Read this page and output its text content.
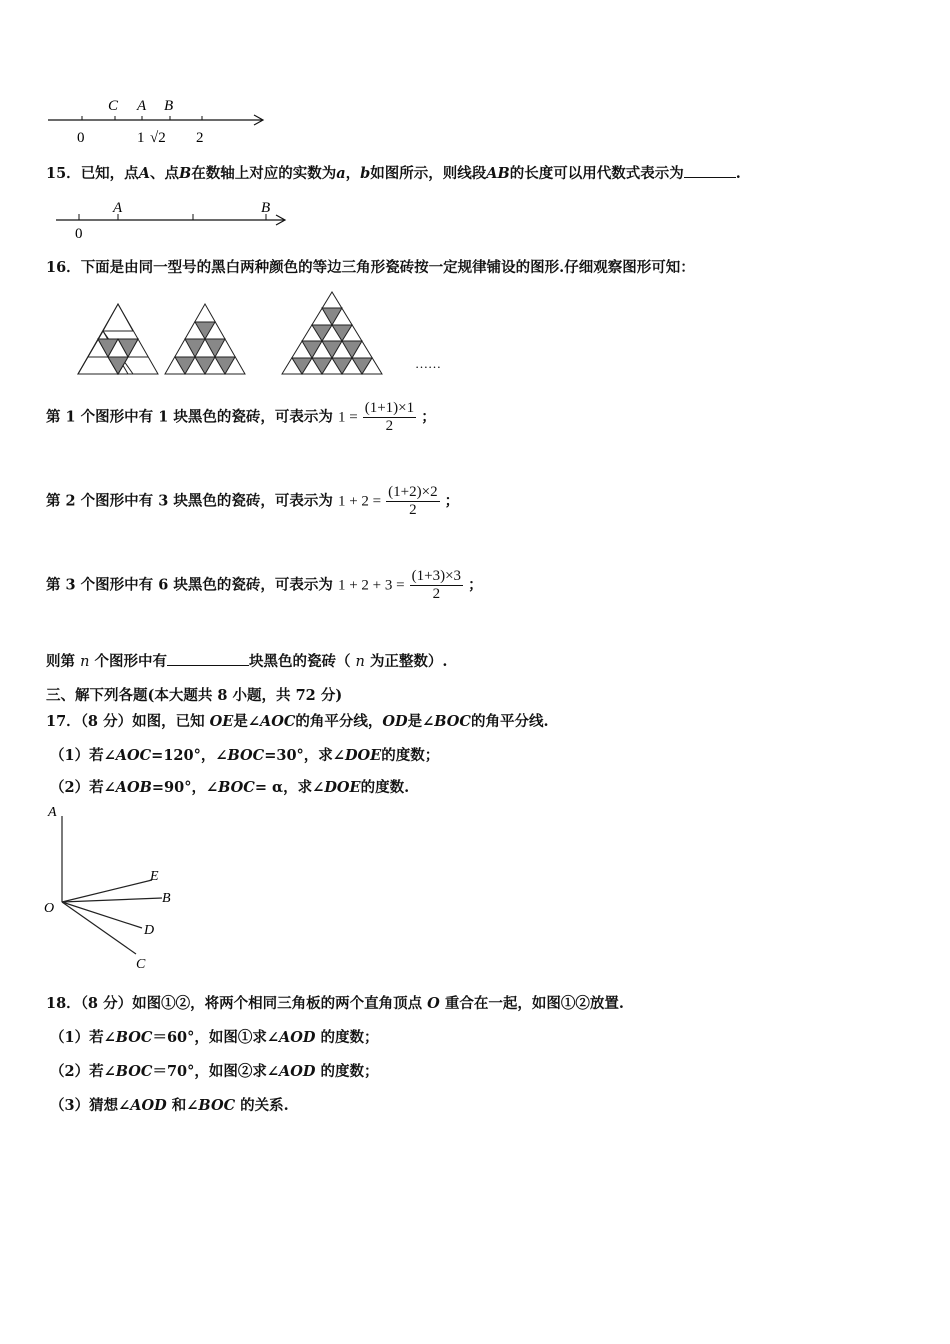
C A B
0	1 √2 2
15．已知，点A、点B在数轴上对应的实数为a，b如图所示，则线段AB的长度可以用代数式表示为	.
A	B
0
16．下面是由同一型号的黑白两种颜色的等边三角形瓷砖按一定规律铺设的图形.仔细观察图形可知：
……
第 1 个图形中有 1 块黑色的瓷砖，可表示为 $1 = \frac{(1+1)\times 1}{2}$ ；
第 2 个图形中有 3 块黑色的瓷砖，可表示为 $1 + 2 = \frac{(1+2)\times 2}{2}$ ；
第 3 个图形中有 6 块黑色的瓷砖，可表示为 $1 + 2 + 3 = \frac{(1+3)\times 3}{2}$ ；
则第 n 个图形中有	块黑色的瓷砖（ n 为正整数）.
三、解下列各题(本大题共 8 小题，共 72 分)
17．（8 分）如图，已知 OE是∠AOC的角平分线，OD是∠BOC的角平分线.
（1）若∠AOC=120°，∠BOC=30°，求∠DOE的度数；
（2）若∠AOB=90°，∠BOC= α，求∠DOE的度数.
A
E
B
O
D
C
18．（8 分）如图①②，将两个相同三角板的两个直角顶点 O 重合在一起，如图①②放置.
（1）若∠BOC＝60°，如图①求∠AOD 的度数；
（2）若∠BOC＝70°，如图②求∠AOD 的度数；
（3）猜想∠AOD 和∠BOC 的关系.
